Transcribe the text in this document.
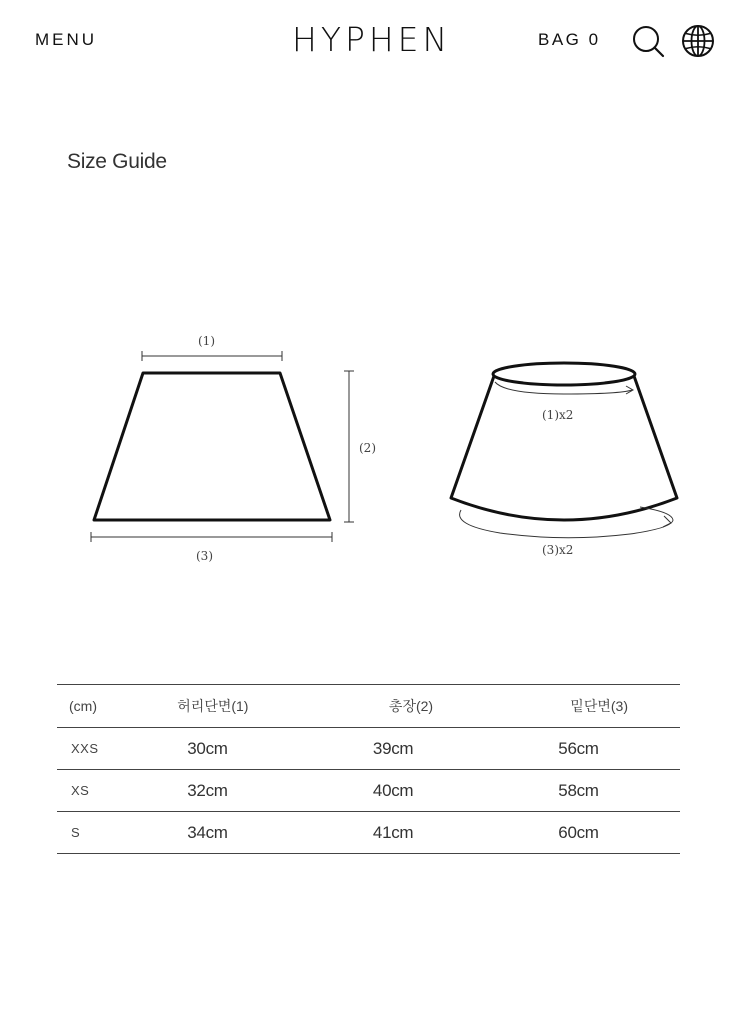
MENU	HYPHEN	BAG 0
Size Guide
(1)
(2)
(3)
(1)x2
(3)x2
(cm)	허리단면(1)	총장(2)	밑단면(3)
XXS	30cm	39cm	56cm
XS	32cm	40cm	58cm
S	34cm	41cm	60cm
